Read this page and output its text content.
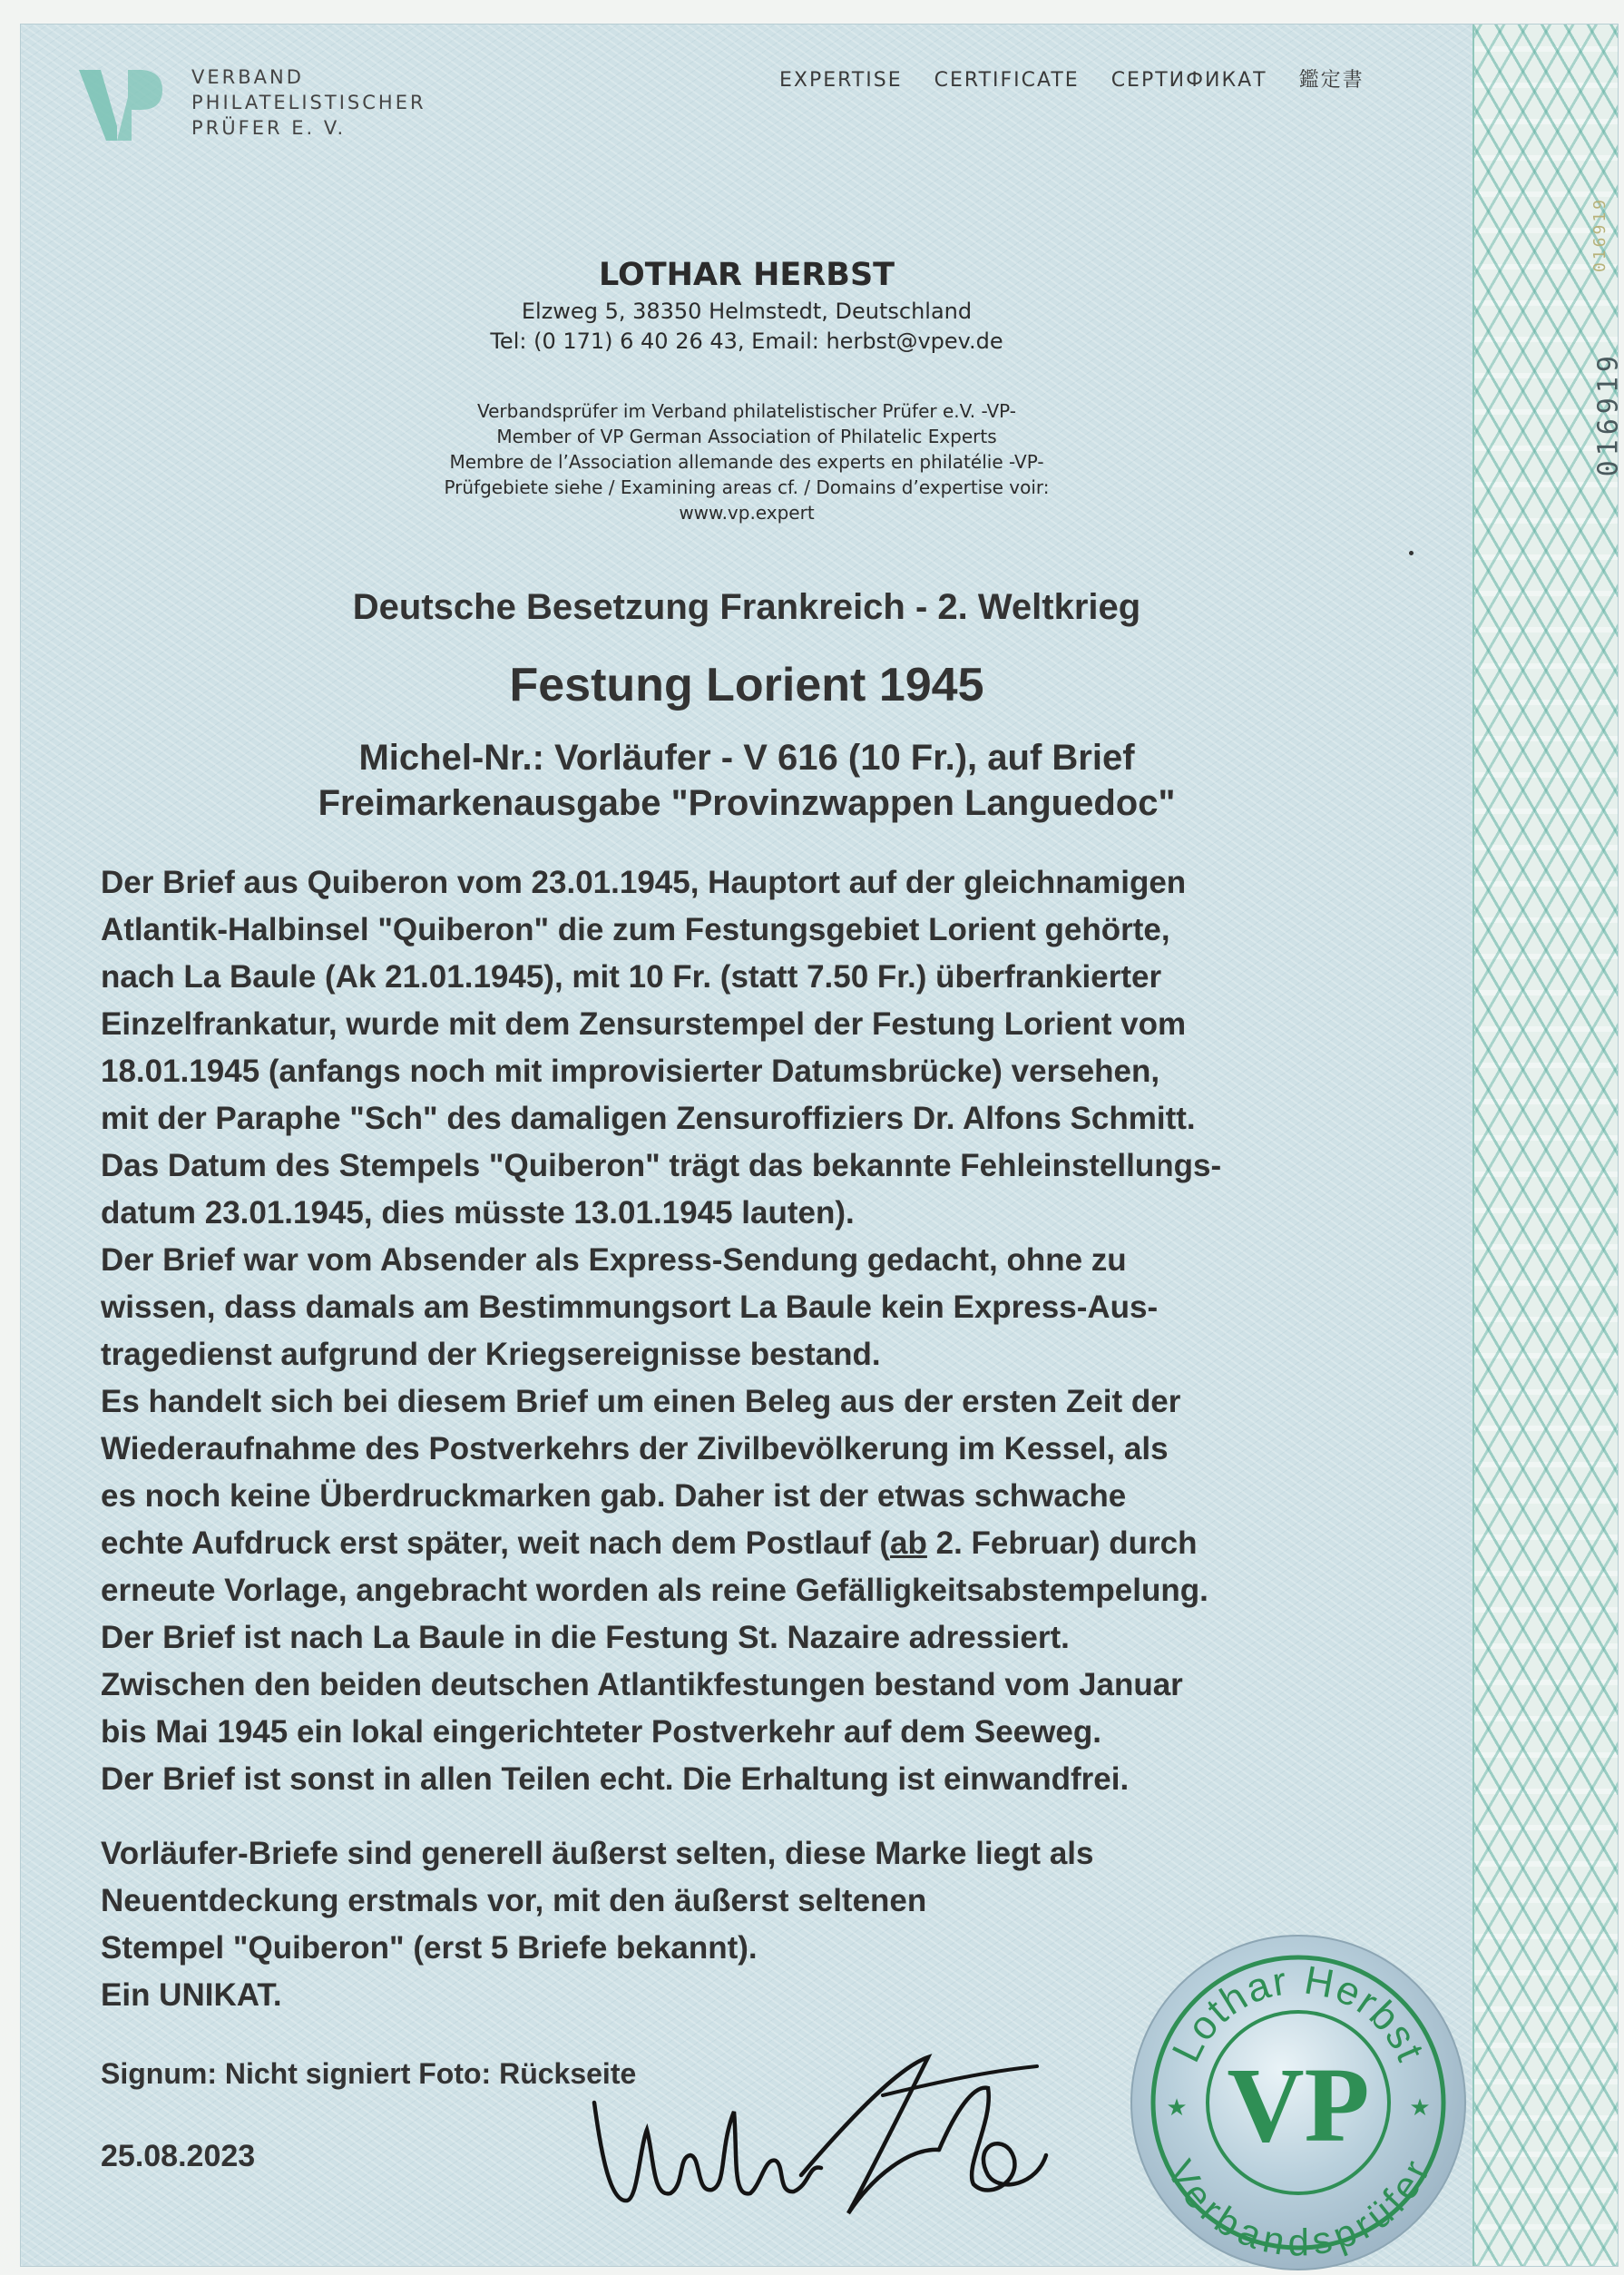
016919
016919
VERBAND
PHILATELISTISCHER
PRÜFER E. V.
EXPERTISE CERTIFICATE СЕРТИФИКАТ 鑑定書
LOTHAR HERBST
Elzweg 5, 38350 Helmstedt, Deutschland
Tel: (0 171) 6 40 26 43, Email: herbst@vpev.de
Verbandsprüfer im Verband philatelistischer Prüfer e.V. -VP-
Member of VP German Association of Philatelic Experts
Membre de l’Association allemande des experts en philatélie -VP-
Prüfgebiete siehe / Examining areas cf. / Domains d’expertise voir:
www.vp.expert
Deutsche Besetzung Frankreich - 2. Weltkrieg
Festung Lorient 1945
Michel-Nr.: Vorläufer - V 616 (10 Fr.), auf Brief
Freimarkenausgabe "Provinzwappen Languedoc"
Der Brief aus Quiberon vom 23.01.1945, Hauptort auf der gleichnamigen
Atlantik-Halbinsel "Quiberon" die zum Festungsgebiet Lorient gehörte,
nach La Baule (Ak 21.01.1945), mit 10 Fr. (statt 7.50 Fr.) überfrankierter
Einzelfrankatur, wurde mit dem Zensurstempel der Festung Lorient vom
18.01.1945 (anfangs noch mit improvisierter Datumsbrücke) versehen,
mit der Paraphe "Sch" des damaligen Zensuroffiziers Dr. Alfons Schmitt.
Das Datum des Stempels "Quiberon" trägt das bekannte Fehleinstellungs-
datum 23.01.1945, dies müsste 13.01.1945 lauten).
Der Brief war vom Absender als Express-Sendung gedacht, ohne zu
wissen, dass damals am Bestimmungsort La Baule kein Express-Aus-
tragedienst aufgrund der Kriegsereignisse bestand.
Es handelt sich bei diesem Brief um einen Beleg aus der ersten Zeit der
Wiederaufnahme des Postverkehrs der Zivilbevölkerung im Kessel, als
es noch keine Überdruckmarken gab. Daher ist der etwas schwache
echte Aufdruck erst später, weit nach dem Postlauf (ab 2. Februar) durch
erneute Vorlage, angebracht worden als reine Gefälligkeitsabstempelung.
Der Brief ist nach La Baule in die Festung St. Nazaire adressiert.
Zwischen den beiden deutschen Atlantikfestungen bestand vom Januar
bis Mai 1945 ein lokal eingerichteter Postverkehr auf dem Seeweg.
Der Brief ist sonst in allen Teilen echt. Die Erhaltung ist einwandfrei.
Vorläufer-Briefe sind generell äußerst selten, diese Marke liegt als
Neuentdeckung erstmals vor, mit den äußerst seltenen
Stempel "Quiberon" (erst 5 Briefe bekannt).
Ein UNIKAT.
Signum: Nicht signiert Foto: Rückseite
25.08.2023
Lothar Herbst
Verbandsprüfer
VP
★	★
